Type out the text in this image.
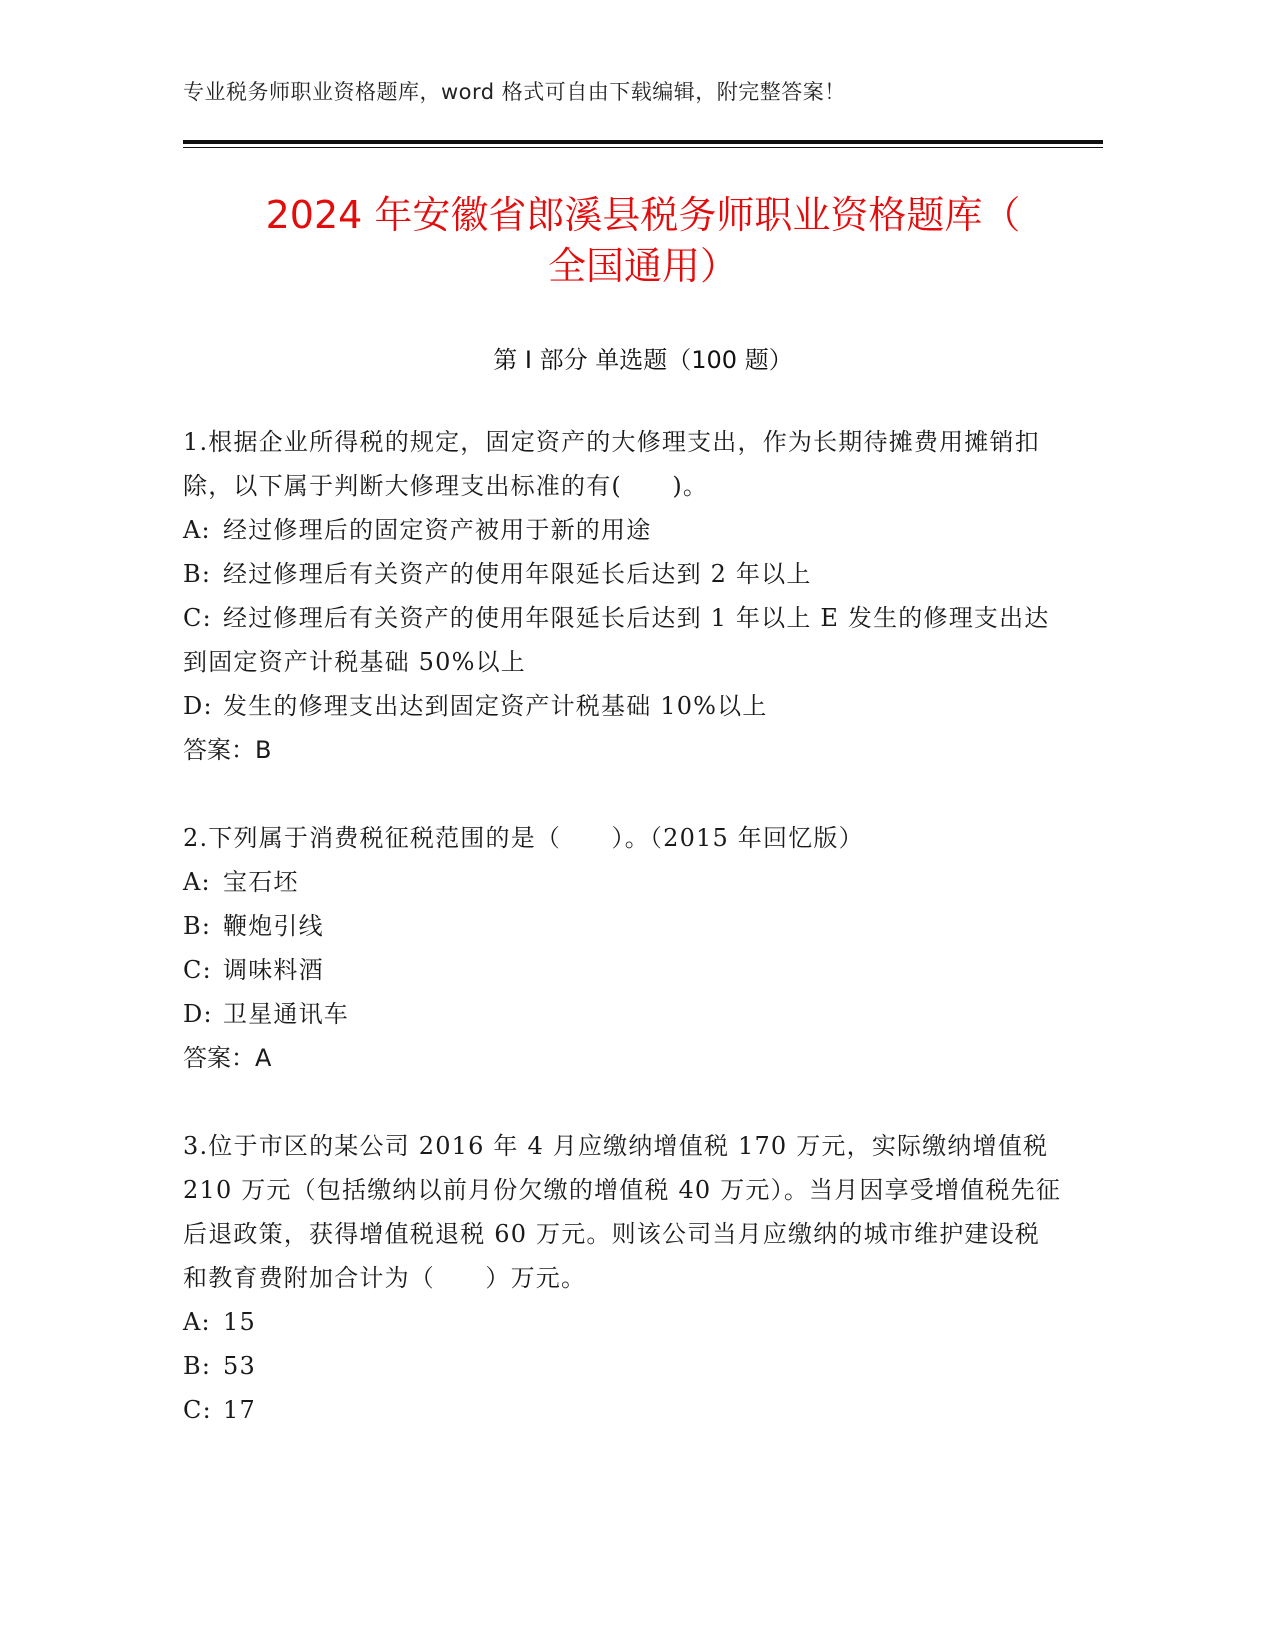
专业税务师职业资格题库，word 格式可自由下载编辑，附完整答案！
2024 年安徽省郎溪县税务师职业资格题库（
全国通用）
第 I 部分 单选题（100 题）
1.根据企业所得税的规定，固定资产的大修理支出，作为长期待摊费用摊销扣除，以下属于判断大修理支出标准的有(　　)。
A: 经过修理后的固定资产被用于新的用途
B: 经过修理后有关资产的使用年限延长后达到 2 年以上
C: 经过修理后有关资产的使用年限延长后达到 1 年以上 E 发生的修理支出达到固定资产计税基础 50%以上
D: 发生的修理支出达到固定资产计税基础 10%以上
答案：B
2.下列属于消费税征税范围的是（　　）。（2015 年回忆版）
A: 宝石坯
B: 鞭炮引线
C: 调味料酒
D: 卫星通讯车
答案：A
3.位于市区的某公司 2016 年 4 月应缴纳增值税 170 万元，实际缴纳增值税 210 万元（包括缴纳以前月份欠缴的增值税 40 万元）。当月因享受增值税先征后退政策，获得增值税退税 60 万元。则该公司当月应缴纳的城市维护建设税和教育费附加合计为（　　）万元。
A: 15
B: 53
C: 17
